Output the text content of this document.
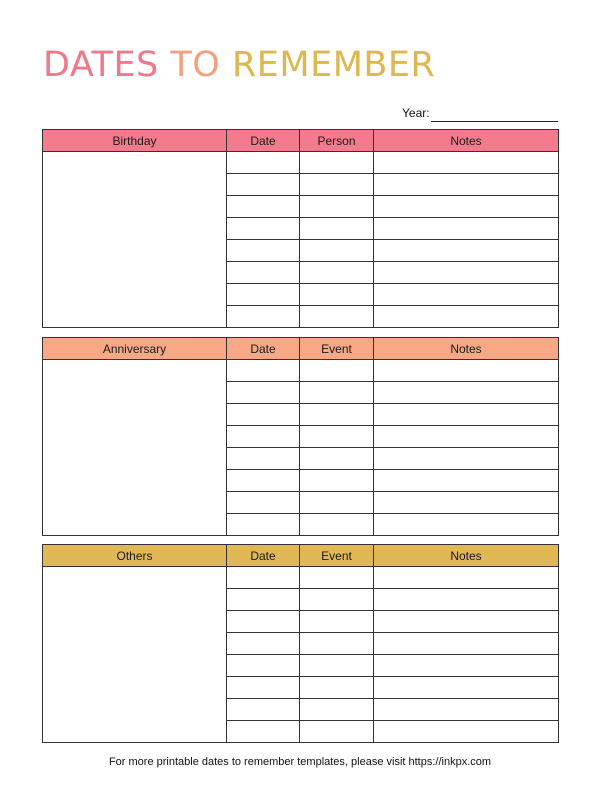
DATES TO REMEMBER
Year:
Birthday	Date	Person	Notes

Anniversary	Date	Event	Notes

Others	Date	Event	Notes

For more printable dates to remember templates, please visit https://inkpx.com
